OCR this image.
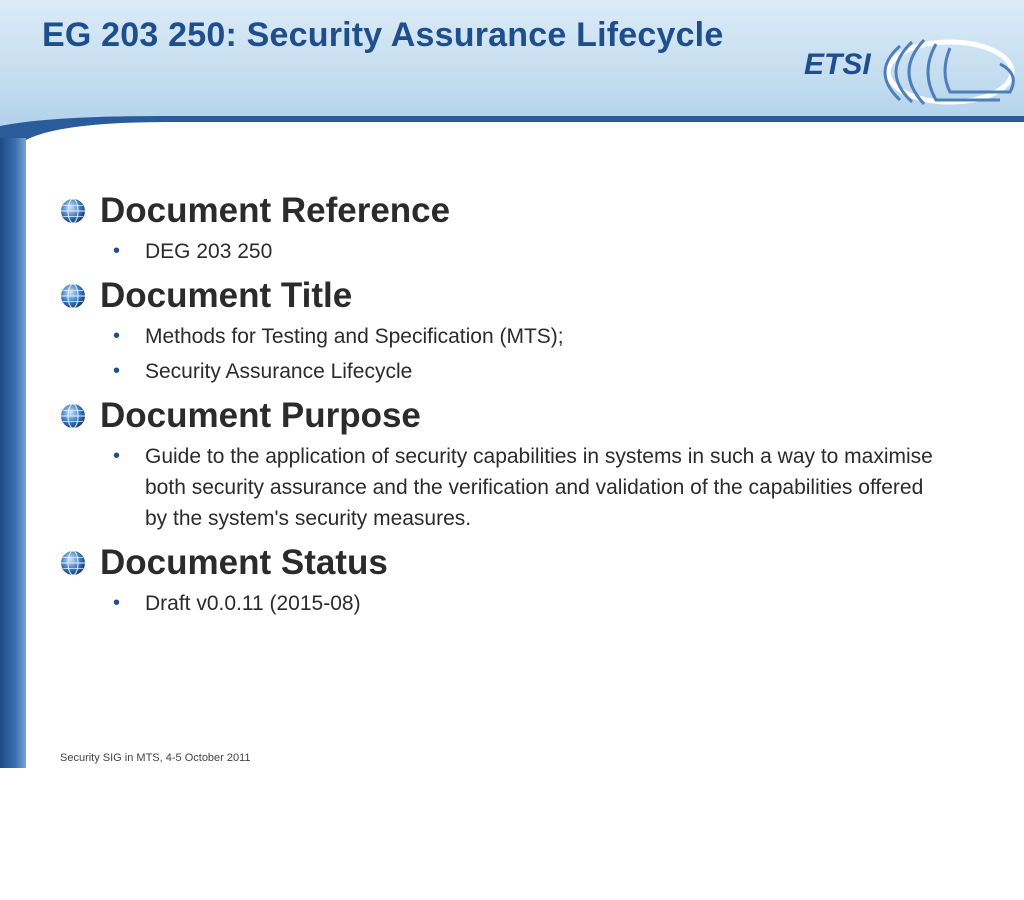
EG 203 250: Security Assurance Lifecycle
ETSI
3
Security SIG in MTS, 4-5 October 2011
Document Reference
• DEG 203 250
Document Title
• Methods for Testing and Specification (MTS);
• Security Assurance Lifecycle
Document Purpose
• Guide to the application of security capabilities in systems in such a way to maximise both security assurance and the verification and validation of the capabilities offered by the system's security measures.
Document Status
• Draft v0.0.11 (2015-08)
